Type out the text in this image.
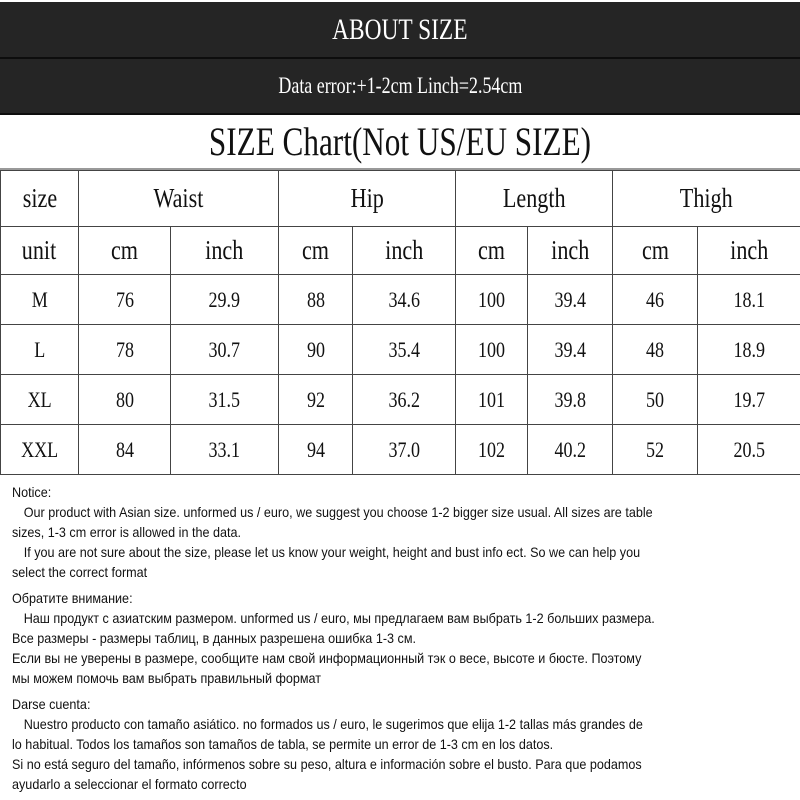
ABOUT SIZE
Data error:+1-2cm Linch=2.54cm
SIZE Chart(Not US/EU SIZE)
size	Waist		Hip		Length		Thigh	
unit	cm	inch	cm	inch	cm	inch	cm	inch
M	76	29.9	88	34.6	100	39.4	46	18.1
L	78	30.7	90	35.4	100	39.4	48	18.9
XL	80	31.5	92	36.2	101	39.8	50	19.7
XXL	84	33.1	94	37.0	102	40.2	52	20.5
Notice:
Our product with Asian size. unformed us / euro, we suggest you choose 1-2 bigger size usual. All sizes are table
sizes, 1-3 cm error is allowed in the data.
If you are not sure about the size, please let us know your weight, height and bust info ect. So we can help you
select the correct format
Обратите внимание:
Наш продукт с азиатским размером. unformed us / euro, мы предлагаем вам выбрать 1-2 больших размера.
Все размеры - размеры таблиц, в данных разрешена ошибка 1-3 см.
Если вы не уверены в размере, сообщите нам свой информационный тэк о весе, высоте и бюсте. Поэтому
мы можем помочь вам выбрать правильный формат
Darse cuenta:
Nuestro producto con tamaño asiático. no formados us / euro, le sugerimos que elija 1-2 tallas más grandes de
lo habitual. Todos los tamaños son tamaños de tabla, se permite un error de 1-3 cm en los datos.
Si no está seguro del tamaño, infórmenos sobre su peso, altura e información sobre el busto. Para que podamos
ayudarlo a seleccionar el formato correcto
